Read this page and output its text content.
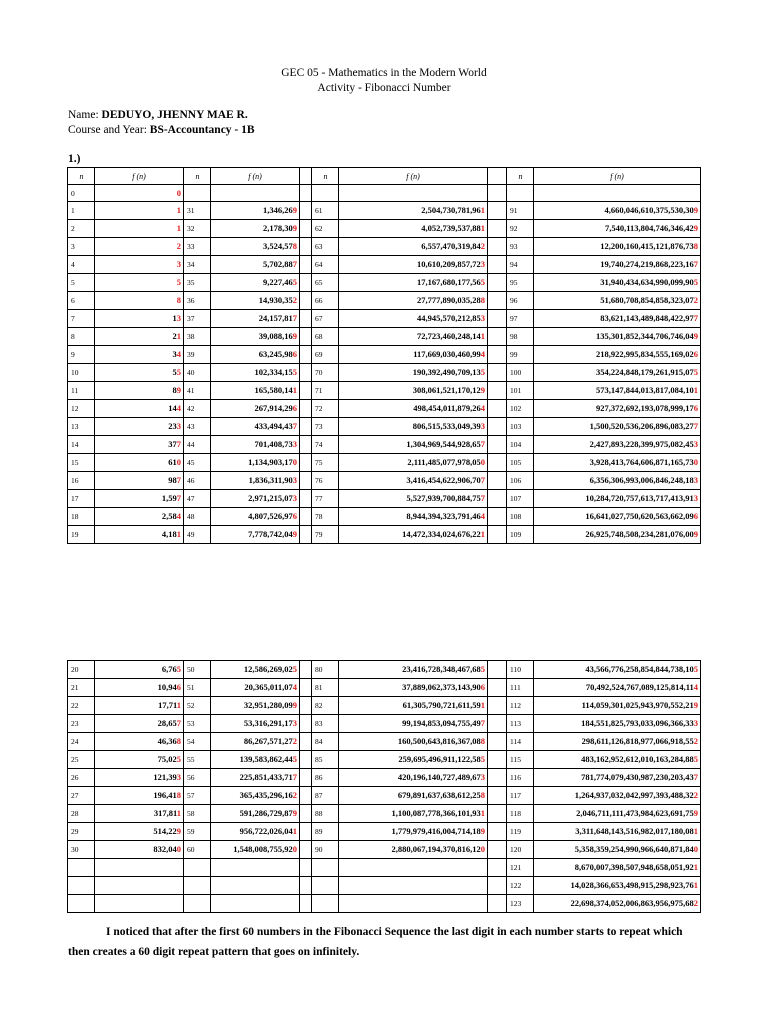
GEC 05 - Mathematics in the Modern World
Activity - Fibonacci Number
Name: DEDUYO, JHENNY MAE R.
Course and Year: BS-Accountancy - 1B
1.)
n	f (n)	n	f (n)		n	f (n)		n	f (n)
0	0								
1	1	31	1,346,269		61	2,504,730,781,961		91	4,660,046,610,375,530,309
2	1	32	2,178,309		62	4,052,739,537,881		92	7,540,113,804,746,346,429
3	2	33	3,524,578		63	6,557,470,319,842		93	12,200,160,415,121,876,738
4	3	34	5,702,887		64	10,610,209,857,723		94	19,740,274,219,868,223,167
5	5	35	9,227,465		65	17,167,680,177,565		95	31,940,434,634,990,099,905
6	8	36	14,930,352		66	27,777,890,035,288		96	51,680,708,854,858,323,072
7	13	37	24,157,817		67	44,945,570,212,853		97	83,621,143,489,848,422,977
8	21	38	39,088,169		68	72,723,460,248,141		98	135,301,852,344,706,746,049
9	34	39	63,245,986		69	117,669,030,460,994		99	218,922,995,834,555,169,026
10	55	40	102,334,155		70	190,392,490,709,135		100	354,224,848,179,261,915,075
11	89	41	165,580,141		71	308,061,521,170,129		101	573,147,844,013,817,084,101
12	144	42	267,914,296		72	498,454,011,879,264		102	927,372,692,193,078,999,176
13	233	43	433,494,437		73	806,515,533,049,393		103	1,500,520,536,206,896,083,277
14	377	44	701,408,733		74	1,304,969,544,928,657		104	2,427,893,228,399,975,082,453
15	610	45	1,134,903,170		75	2,111,485,077,978,050		105	3,928,413,764,606,871,165,730
16	987	46	1,836,311,903		76	3,416,454,622,906,707		106	6,356,306,993,006,846,248,183
17	1,597	47	2,971,215,073		77	5,527,939,700,884,757		107	10,284,720,757,613,717,413,913
18	2,584	48	4,807,526,976		78	8,944,394,323,791,464		108	16,641,027,750,620,563,662,096
19	4,181	49	7,778,742,049		79	14,472,334,024,676,221		109	26,925,748,508,234,281,076,009
20	6,765	50	12,586,269,025		80	23,416,728,348,467,685		110	43,566,776,258,854,844,738,105
21	10,946	51	20,365,011,074		81	37,889,062,373,143,906		111	70,492,524,767,089,125,814,114
22	17,711	52	32,951,280,099		82	61,305,790,721,611,591		112	114,059,301,025,943,970,552,219
23	28,657	53	53,316,291,173		83	99,194,853,094,755,497		113	184,551,825,793,033,096,366,333
24	46,368	54	86,267,571,272		84	160,500,643,816,367,088		114	298,611,126,818,977,066,918,552
25	75,025	55	139,583,862,445		85	259,695,496,911,122,585		115	483,162,952,612,010,163,284,885
26	121,393	56	225,851,433,717		86	420,196,140,727,489,673		116	781,774,079,430,987,230,203,437
27	196,418	57	365,435,296,162		87	679,891,637,638,612,258		117	1,264,937,032,042,997,393,488,322
28	317,811	58	591,286,729,879		88	1,100,087,778,366,101,931		118	2,046,711,111,473,984,623,691,759
29	514,229	59	956,722,026,041		89	1,779,979,416,004,714,189		119	3,311,648,143,516,982,017,180,081
30	832,040	60	1,548,008,755,920		90	2,880,067,194,370,816,120		120	5,358,359,254,990,966,640,871,840
								121	8,670,007,398,507,948,658,051,921
								122	14,028,366,653,498,915,298,923,761
								123	22,698,374,052,006,863,956,975,682
I noticed that after the first 60 numbers in the Fibonacci Sequence the last digit in each number starts to repeat which then creates a 60 digit repeat pattern that goes on infinitely.
